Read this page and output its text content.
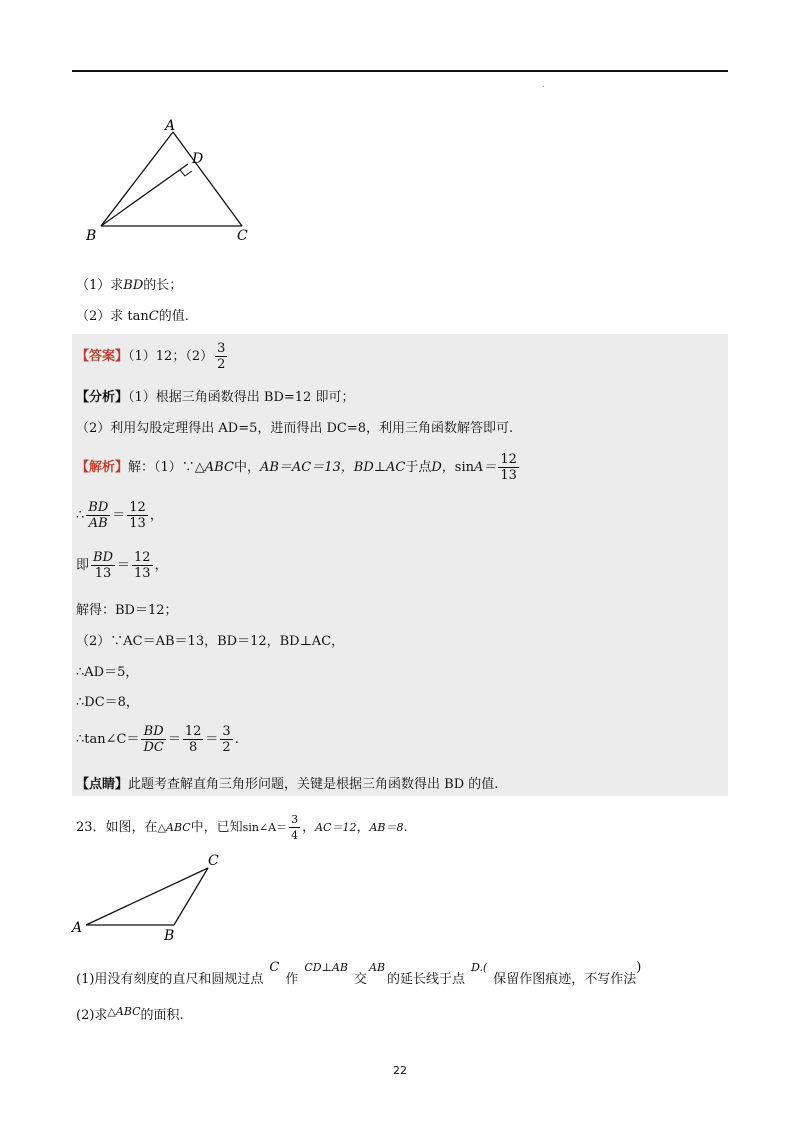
.
A
D
B	C
（1）求BD的长；
（2）求 tanC的值.
【答案】（1）12；$(2) \frac{3}{2}$
【分析】（1）根据三角函数得出 BD=12 即可；
（2）利用勾股定理得出 AD=5，进而得出 DC=8，利用三角函数解答即可.
【解析】解：（1）∵△ABC中，AB＝AC＝13，BD⊥AC于点D，$\sin A= \frac{12}{13}$
∴ $\frac{BD}{AB} = \frac{12}{13}$ ，
即 $\frac{BD}{13} = \frac{12}{13}$ ，
解得：BD＝12；
（2）∵AC＝AB＝13，BD＝12，BD⊥AC，
∴AD＝5，
∴DC＝8，
∴tan∠C＝ $\frac{BD}{DC} = \frac{12}{8} = \frac{3}{2}$ .
【点睛】此题考查解直角三角形问题，关键是根据三角函数得出 BD 的值.
23．如图，在△ABC中，已知sin∠A＝ $\frac{3}{4}$ ，AC＝12，AB＝8.
C
A	B
(1)用没有刻度的直尺和圆规过点C作$^{CD\perp AB}$交$^{AB}$的延长线于点$^{D.(}$保留作图痕迹，不写作法)
(2)求$^{\triangle ABC}$的面积.
22
